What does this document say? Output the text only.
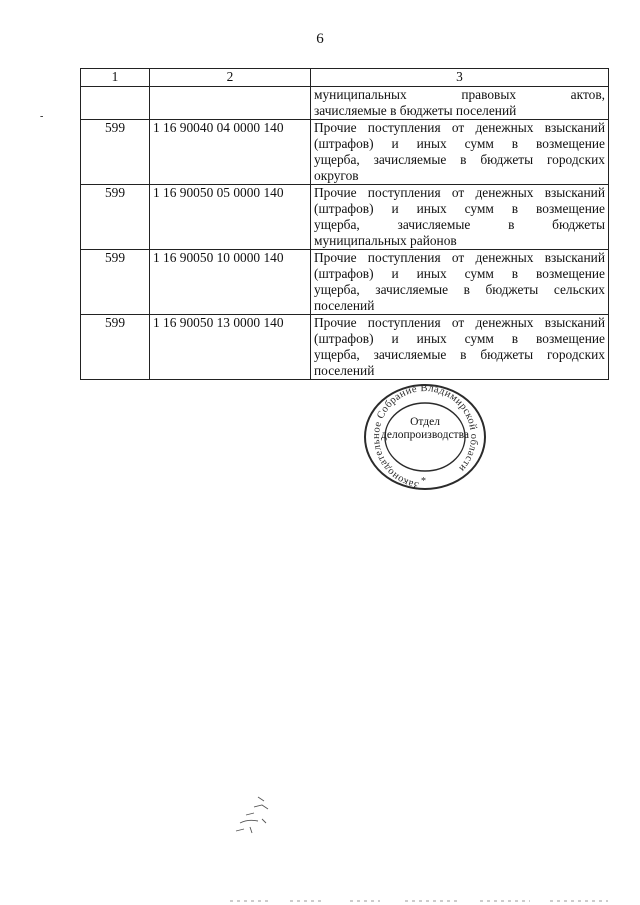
6
-
1	2	3

		муниципальных правовых актов,
зачисляемые в бюджеты поселений

599	1 16 90040 04 0000 140	Прочие поступления от денежных взысканий
(штрафов) и иных сумм в возмещение
ущерба, зачисляемые в бюджеты городских
округов

599	1 16 90050 05 0000 140	Прочие поступления от денежных взысканий
(штрафов) и иных сумм в возмещение
ущерба, зачисляемые в бюджеты
муниципальных районов

599	1 16 90050 10 0000 140	Прочие поступления от денежных взысканий
(штрафов) и иных сумм в возмещение
ущерба, зачисляемые в бюджеты сельских
поселений

599	1 16 90050 13 0000 140	Прочие поступления от денежных взысканий
(штрафов) и иных сумм в возмещение
ущерба, зачисляемые в бюджеты городских
поселений
Законодательное Собрание Владимирской области
*
Отдел
делопроизводства
